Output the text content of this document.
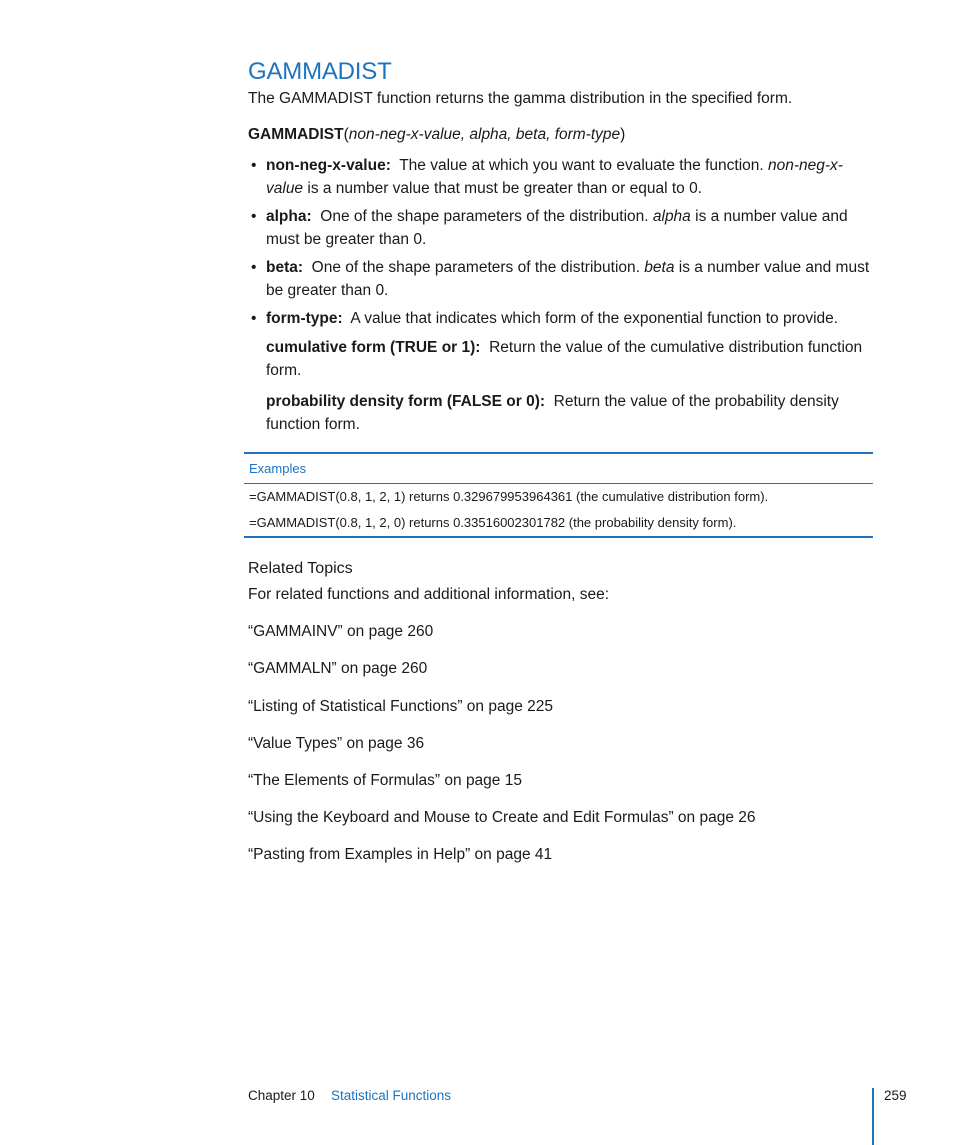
GAMMADIST

The GAMMADIST function returns the gamma distribution in the specified form.

GAMMADIST(non-neg-x-value, alpha, beta, form-type)

• non-neg-x-value: The value at which you want to evaluate the function. non-neg-x-value is a number value that must be greater than or equal to 0.
• alpha: One of the shape parameters of the distribution. alpha is a number value and must be greater than 0.
• beta: One of the shape parameters of the distribution. beta is a number value and must be greater than 0.
• form-type: A value that indicates which form of the exponential function to provide.

cumulative form (TRUE or 1): Return the value of the cumulative distribution function form.

probability density form (FALSE or 0): Return the value of the probability density function form.

Examples
=GAMMADIST(0.8, 1, 2, 1) returns 0.329679953964361 (the cumulative distribution form).
=GAMMADIST(0.8, 1, 2, 0) returns 0.33516002301782 (the probability density form).
Related Topics

For related functions and additional information, see:

“GAMMAINV” on page 260

“GAMMALN” on page 260

“Listing of Statistical Functions” on page 225

“Value Types” on page 36

“The Elements of Formulas” on page 15

“Using the Keyboard and Mouse to Create and Edit Formulas” on page 26

“Pasting from Examples in Help” on page 41

Chapter 10 Statistical Functions	259
